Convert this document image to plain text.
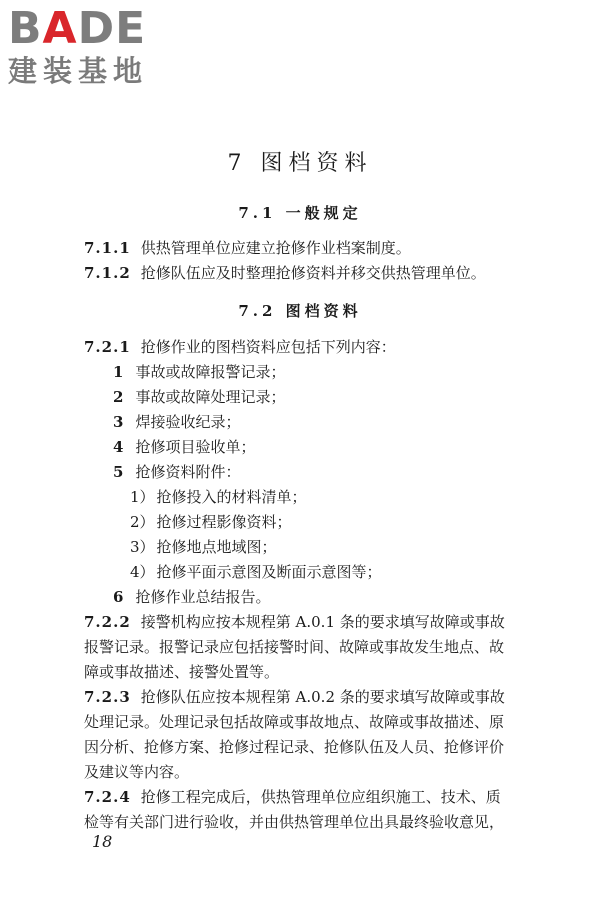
BADE
建装基地
7 图档资料
7.1 一般规定
7.1.1 供热管理单位应建立抢修作业档案制度。
7.1.2 抢修队伍应及时整理抢修资料并移交供热管理单位。
7.2 图档资料
7.2.1 抢修作业的图档资料应包括下列内容：
1 事故或故障报警记录；
2 事故或故障处理记录；
3 焊接验收纪录；
4 抢修项目验收单；
5 抢修资料附件：
1） 抢修投入的材料清单；
2） 抢修过程影像资料；
3） 抢修地点地域图；
4） 抢修平面示意图及断面示意图等；
6 抢修作业总结报告。
7.2.2 接警机构应按本规程第 A.0.1 条的要求填写故障或事故
报警记录。报警记录应包括接警时间、故障或事故发生地点、故
障或事故描述、接警处置等。
7.2.3 抢修队伍应按本规程第 A.0.2 条的要求填写故障或事故
处理记录。处理记录包括故障或事故地点、故障或事故描述、原
因分析、抢修方案、抢修过程记录、抢修队伍及人员、抢修评价
及建议等内容。
7.2.4 抢修工程完成后，供热管理单位应组织施工、技术、质
检等有关部门进行验收，并由供热管理单位出具最终验收意见，
18
